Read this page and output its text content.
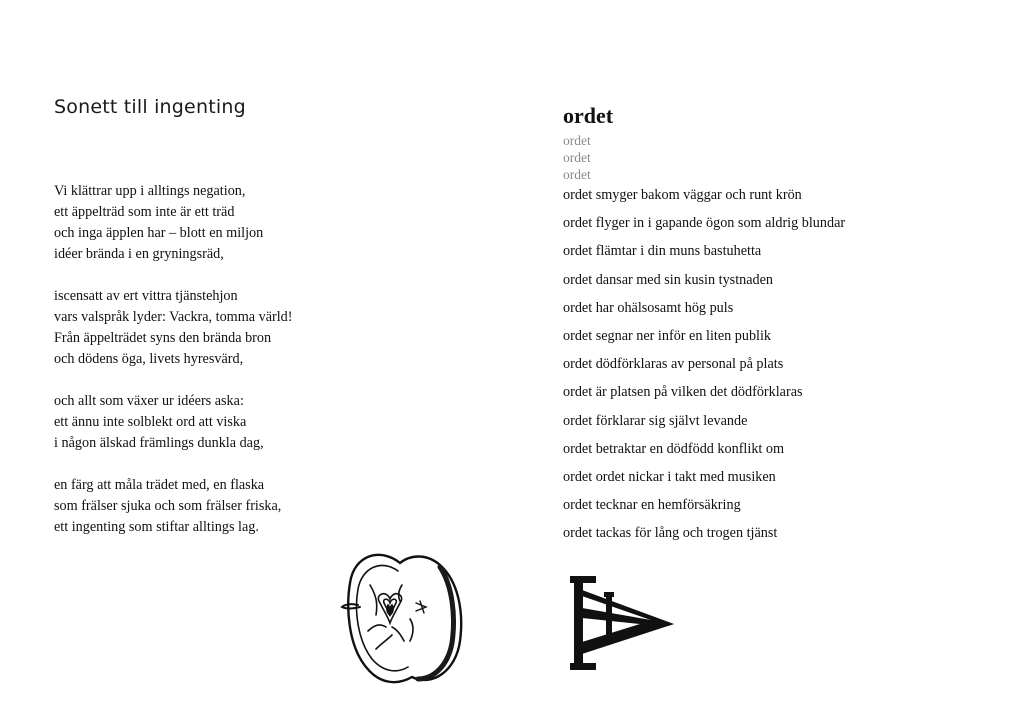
Sonett till ingenting
Vi klättrar upp i alltings negation,
ett äppelträd som inte är ett träd
och inga äpplen har – blott en miljon
idéer brända i en gryningsräd,
iscensatt av ert vittra tjänstehjon
vars valspråk lyder: Vackra, tomma värld!
Från äppelträdet syns den brända bron
och dödens öga, livets hyresvärd,
och allt som växer ur idéers aska:
ett ännu inte solblekt ord att viska
i någon älskad främlings dunkla dag,
en färg att måla trädet med, en flaska
som frälser sjuka och som frälser friska,
ett ingenting som stiftar alltings lag.
ordet
ordet
ordet
ordet
ordet smyger bakom väggar och runt krön
ordet flyger in i gapande ögon som aldrig blundar
ordet flämtar i din muns bastuhetta
ordet dansar med sin kusin tystnaden
ordet har ohälsosamt hög puls
ordet segnar ner inför en liten publik
ordet dödförklaras av personal på plats
ordet är platsen på vilken det dödförklaras
ordet förklarar sig självt levande
ordet betraktar en dödfödd konflikt om
ordet ordet nickar i takt med musiken
ordet tecknar en hemförsäkring
ordet tackas för lång och trogen tjänst
